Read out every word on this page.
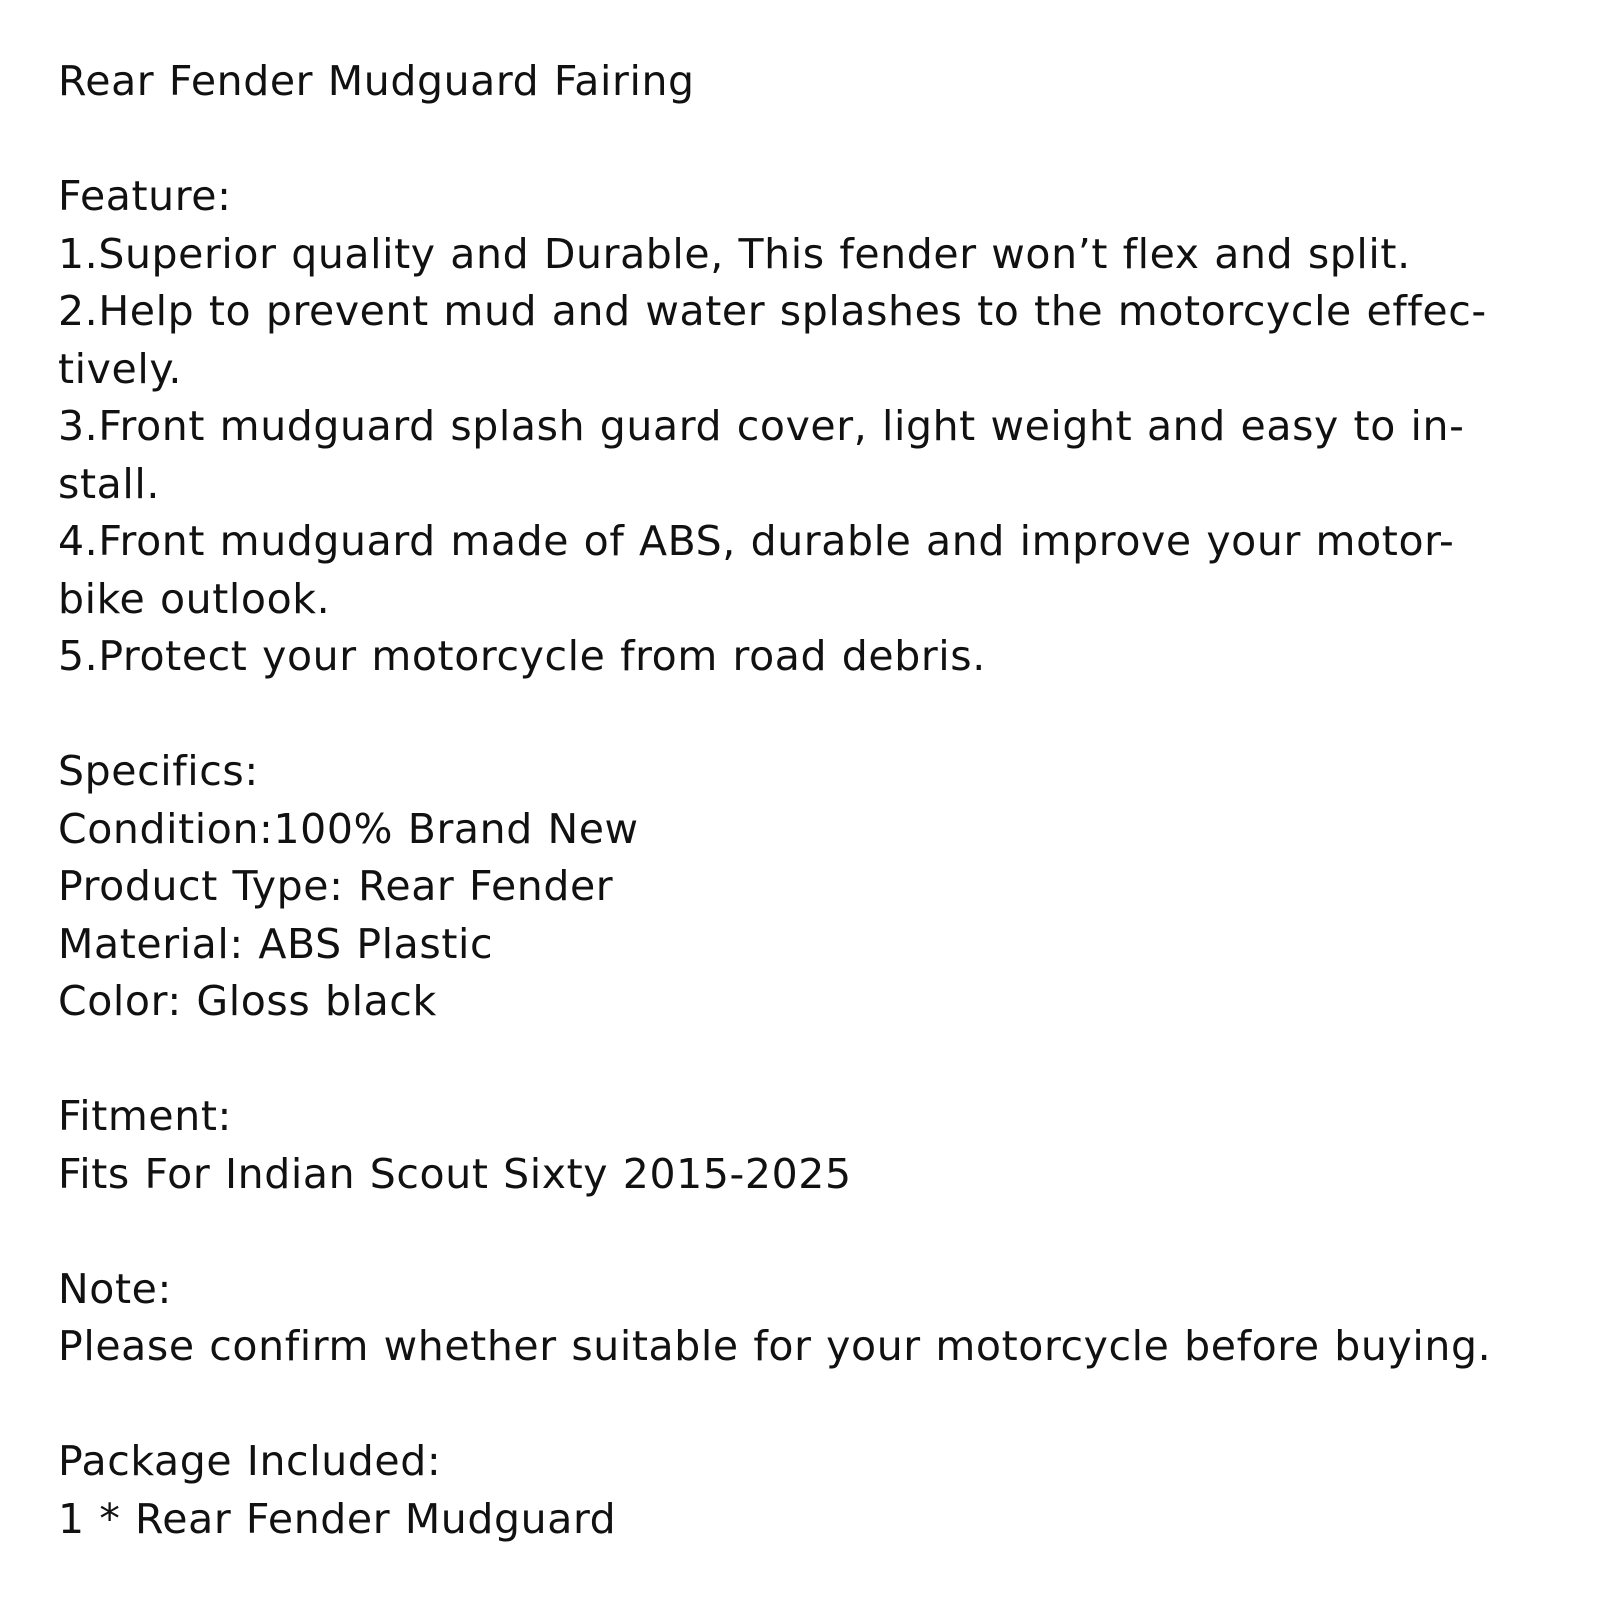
Rear Fender Mudguard Fairing
Feature:
1.Superior quality and Durable, This fender won’t flex and split.
2.Help to prevent mud and water splashes to the motorcycle effec-
tively.
3.Front mudguard splash guard cover, light weight and easy to in-
stall.
4.Front mudguard made of ABS, durable and improve your motor-
bike outlook.
5.Protect your motorcycle from road debris.
Specifics:
Condition:100% Brand New
Product Type: Rear Fender
Material: ABS Plastic
Color: Gloss black
Fitment:
Fits For Indian Scout Sixty 2015-2025
Note:
Please confirm whether suitable for your motorcycle before buying.
Package Included:
1 * Rear Fender Mudguard
